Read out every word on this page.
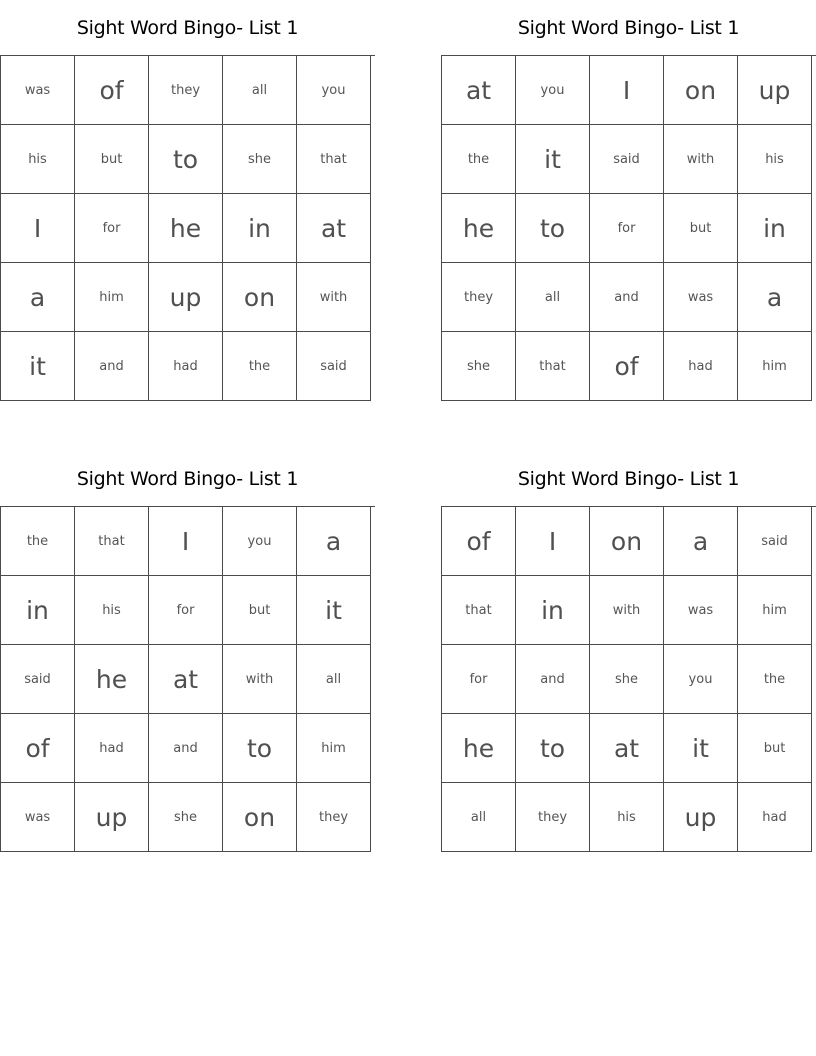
Sight Word Bingo- List 1
was	of	they	all	you
his	but	to	she	that
I	for	he	in	at
a	him	up	on	with
it	and	had	the	said
Sight Word Bingo- List 1
at	you	I	on	up
the	it	said	with	his
he	to	for	but	in
they	all	and	was	a
she	that	of	had	him
Sight Word Bingo- List 1
the	that	I	you	a
in	his	for	but	it
said	he	at	with	all
of	had	and	to	him
was	up	she	on	they
Sight Word Bingo- List 1
of	I	on	a	said
that	in	with	was	him
for	and	she	you	the
he	to	at	it	but
all	they	his	up	had
